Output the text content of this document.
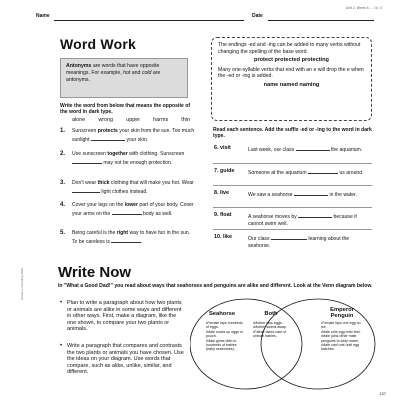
Unit 2, Week 4: ... Gr. 3
Name	Date
Word Work
Antonyms are words that have opposite meanings. For example, hot and cold are antonyms.
Write the word from below that means the opposite of the word in dark type.
alone wrong upper harms thin
1. Sunscreen protects your skin from the sun. Too much sunlight	your skin.
2. Use sunscreen together with clothing. Sunscreen  may not be enough protection.
3. Don't wear thick clothing that will make you hot. Wear  light clothes instead.
4. Cover your legs on the lower part of your body. Cover your arms on the	body as well.
5. Being careful is the right way to have fun in the sun. To be careless is	.
The endings -ed and -ing can be added to many verbs without changing the spelling of the base word.
protect protected protecting
Many one-syllable verbs that end with an e will drop the e when the -ed or -ing is added.
name named naming
Read each sentence. Add the suffix -ed or -ing to the word in dark type.
6. visit	Last week, our class	the aquarium.
7. guide	Someone at the aquarium	us around.
8. live	We saw a seahorse	in the water.
9. float	A seahorse moves by	because it cannot swim well.
10. like	Our class	learning about the seahorse.
Write Now
In "What a Good Dad!" you read about ways that seahorses and penguins are alike and different. Look at the Venn diagram below.
• Plan to write a paragraph about how two plants or animals are alike in some ways and different in other ways. First, make a diagram, like the one shown, to compare your two plants or animals.
• Write a paragraph that compares and contrasts the two plants or animals you have chosen. Use the ideas on your diagram. Use words that compare, such as alike, unlike, similar, and different.
Seahorse	Both
Emperor Penguin
• Female lays hundreds of eggs.
• Male sucks up eggs in pouch.
• Male gives birth to hundreds of babies (baby seahorses).
• Mother lays eggs.
• Mother swims away.
• Father takes care of unborn babies.
• Female lays one egg on ice.
• Male rolls egg onto feet.
• Male joins other male penguins to keep warm.
• Male can't eat until egg hatches.
Grade 3 / Reading Skills
137
